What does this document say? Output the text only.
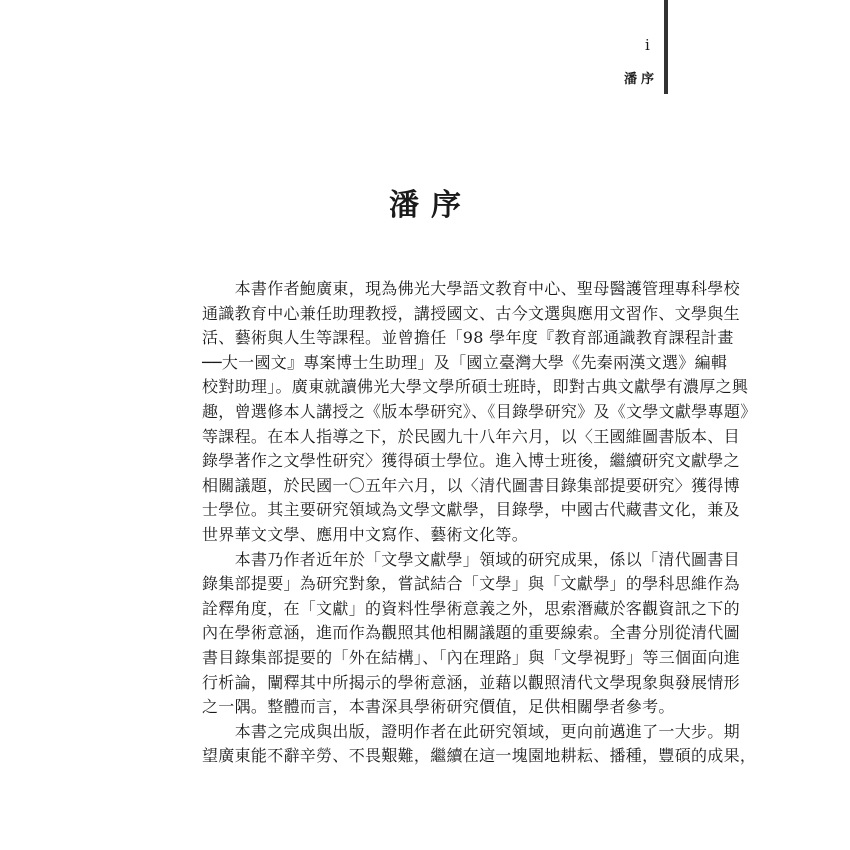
i
潘序
潘序
　　本書作者鮑廣東，現為佛光大學語文教育中心、聖母醫護管理專科學校
通識教育中心兼任助理教授，講授國文、古今文選與應用文習作、文學與生
活、藝術與人生等課程。並曾擔任「98 學年度『教育部通識教育課程計畫
──大一國文』專案博士生助理」及「國立臺灣大學《先秦兩漢文選》編輯
校對助理」。廣東就讀佛光大學文學所碩士班時，即對古典文獻學有濃厚之興
趣，曾選修本人講授之《版本學研究》、《目錄學研究》及《文學文獻學專題》
等課程。在本人指導之下，於民國九十八年六月，以〈王國維圖書版本、目
錄學著作之文學性研究〉獲得碩士學位。進入博士班後，繼續研究文獻學之
相關議題，於民國一〇五年六月，以〈清代圖書目錄集部提要研究〉獲得博
士學位。其主要研究領域為文學文獻學，目錄學，中國古代藏書文化，兼及
世界華文文學、應用中文寫作、藝術文化等。
　　本書乃作者近年於「文學文獻學」領域的研究成果，係以「清代圖書目
錄集部提要」為研究對象，嘗試結合「文學」與「文獻學」的學科思維作為
詮釋角度，在「文獻」的資料性學術意義之外，思索潛藏於客觀資訊之下的
內在學術意涵，進而作為觀照其他相關議題的重要線索。全書分別從清代圖
書目錄集部提要的「外在結構」、「內在理路」與「文學視野」等三個面向進
行析論，闡釋其中所揭示的學術意涵，並藉以觀照清代文學現象與發展情形
之一隅。整體而言，本書深具學術研究價值，足供相關學者參考。
　　本書之完成與出版，證明作者在此研究領域，更向前邁進了一大步。期
望廣東能不辭辛勞、不畏艱難，繼續在這一塊園地耕耘、播種，豐碩的成果，
